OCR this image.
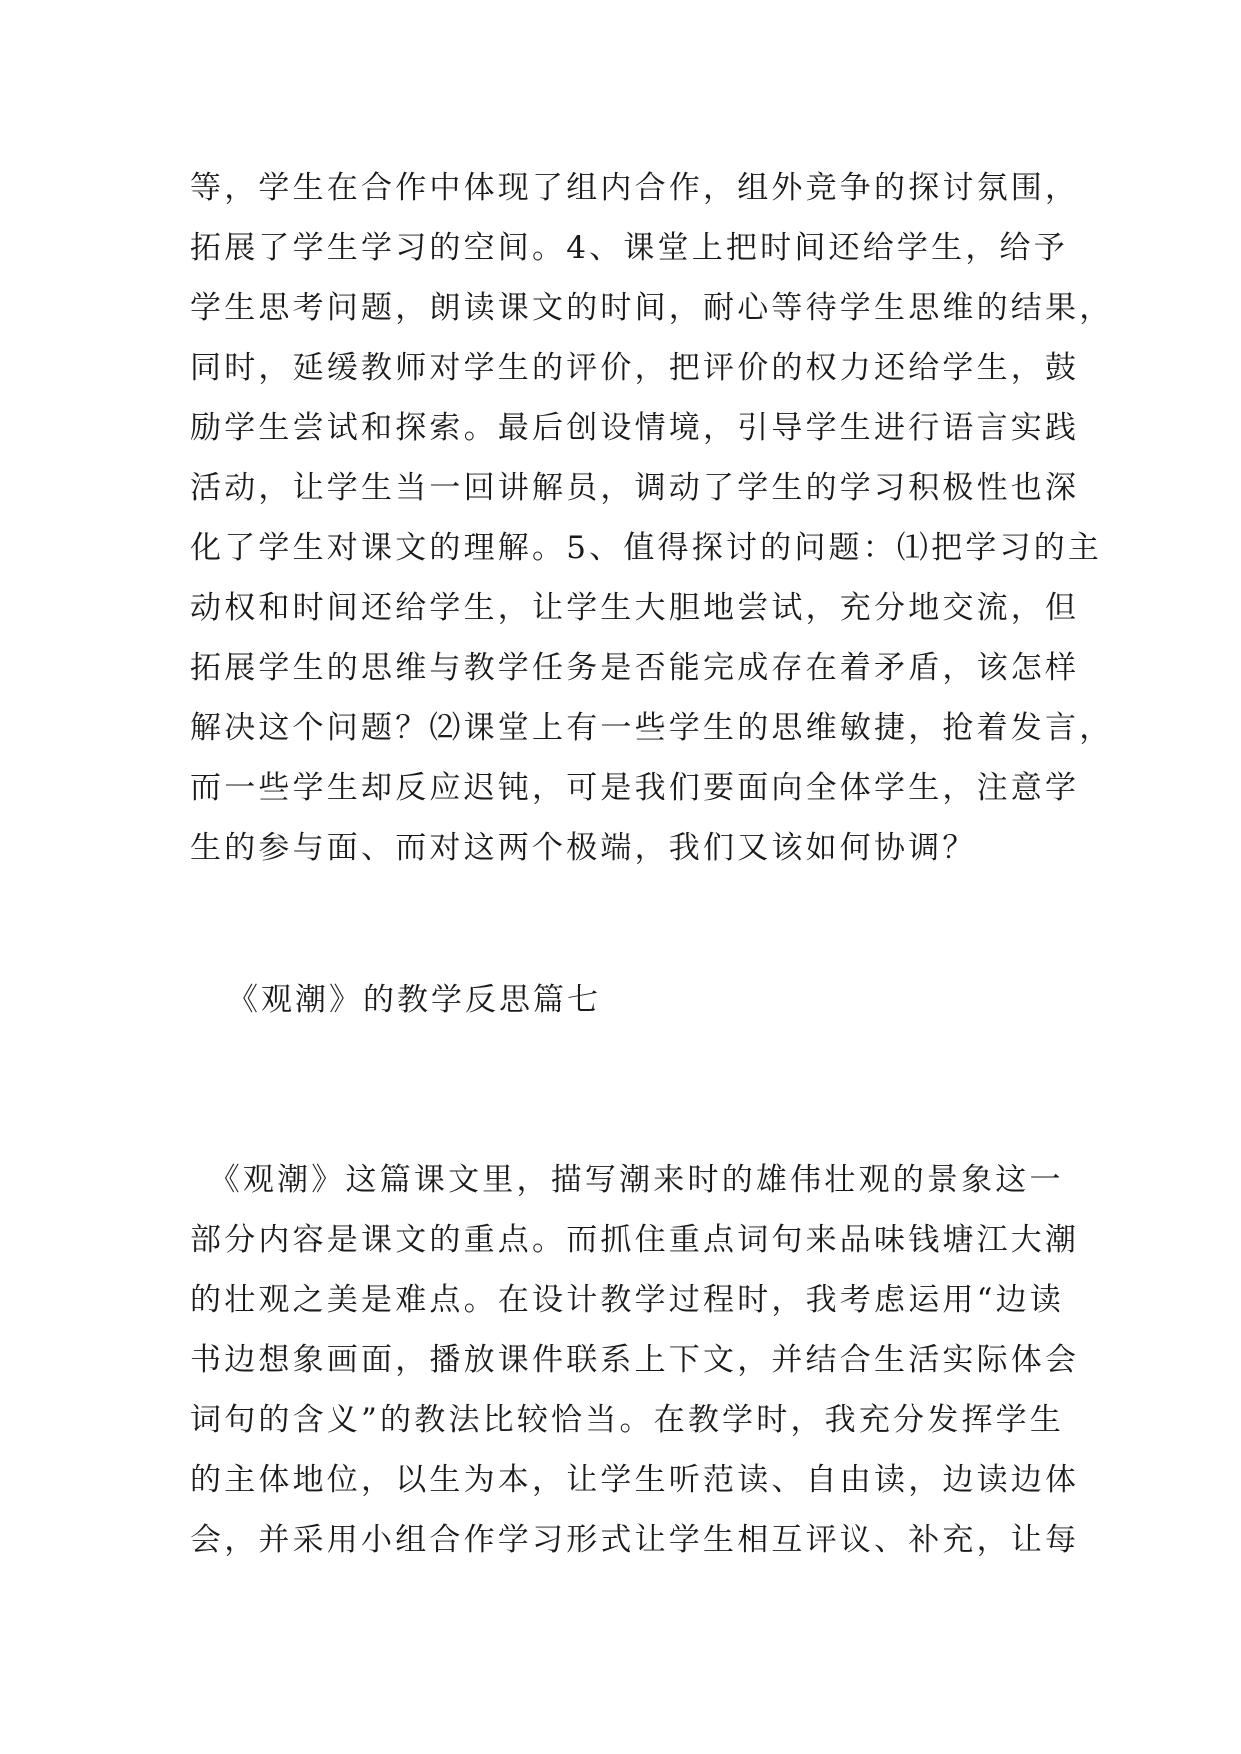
等，学生在合作中体现了组内合作，组外竞争的探讨氛围，
拓展了学生学习的空间。4、课堂上把时间还给学生，给予
学生思考问题，朗读课文的时间，耐心等待学生思维的结果，
同时，延缓教师对学生的评价，把评价的权力还给学生，鼓
励学生尝试和探索。最后创设情境，引导学生进行语言实践
活动，让学生当一回讲解员，调动了学生的学习积极性也深
化了学生对课文的理解。5、值得探讨的问题：⑴把学习的主
动权和时间还给学生，让学生大胆地尝试，充分地交流，但
拓展学生的思维与教学任务是否能完成存在着矛盾，该怎样
解决这个问题？⑵课堂上有一些学生的思维敏捷，抢着发言，
而一些学生却反应迟钝，可是我们要面向全体学生，注意学
生的参与面、而对这两个极端，我们又该如何协调？
《观潮》的教学反思篇七
　《观潮》这篇课文里，描写潮来时的雄伟壮观的景象这一
部分内容是课文的重点。而抓住重点词句来品味钱塘江大潮
的壮观之美是难点。在设计教学过程时，我考虑运用“边读
书边想象画面，播放课件联系上下文，并结合生活实际体会
词句的含义”的教法比较恰当。在教学时，我充分发挥学生
的主体地位，以生为本，让学生听范读、自由读，边读边体
会，并采用小组合作学习形式让学生相互评议、补充，让每
